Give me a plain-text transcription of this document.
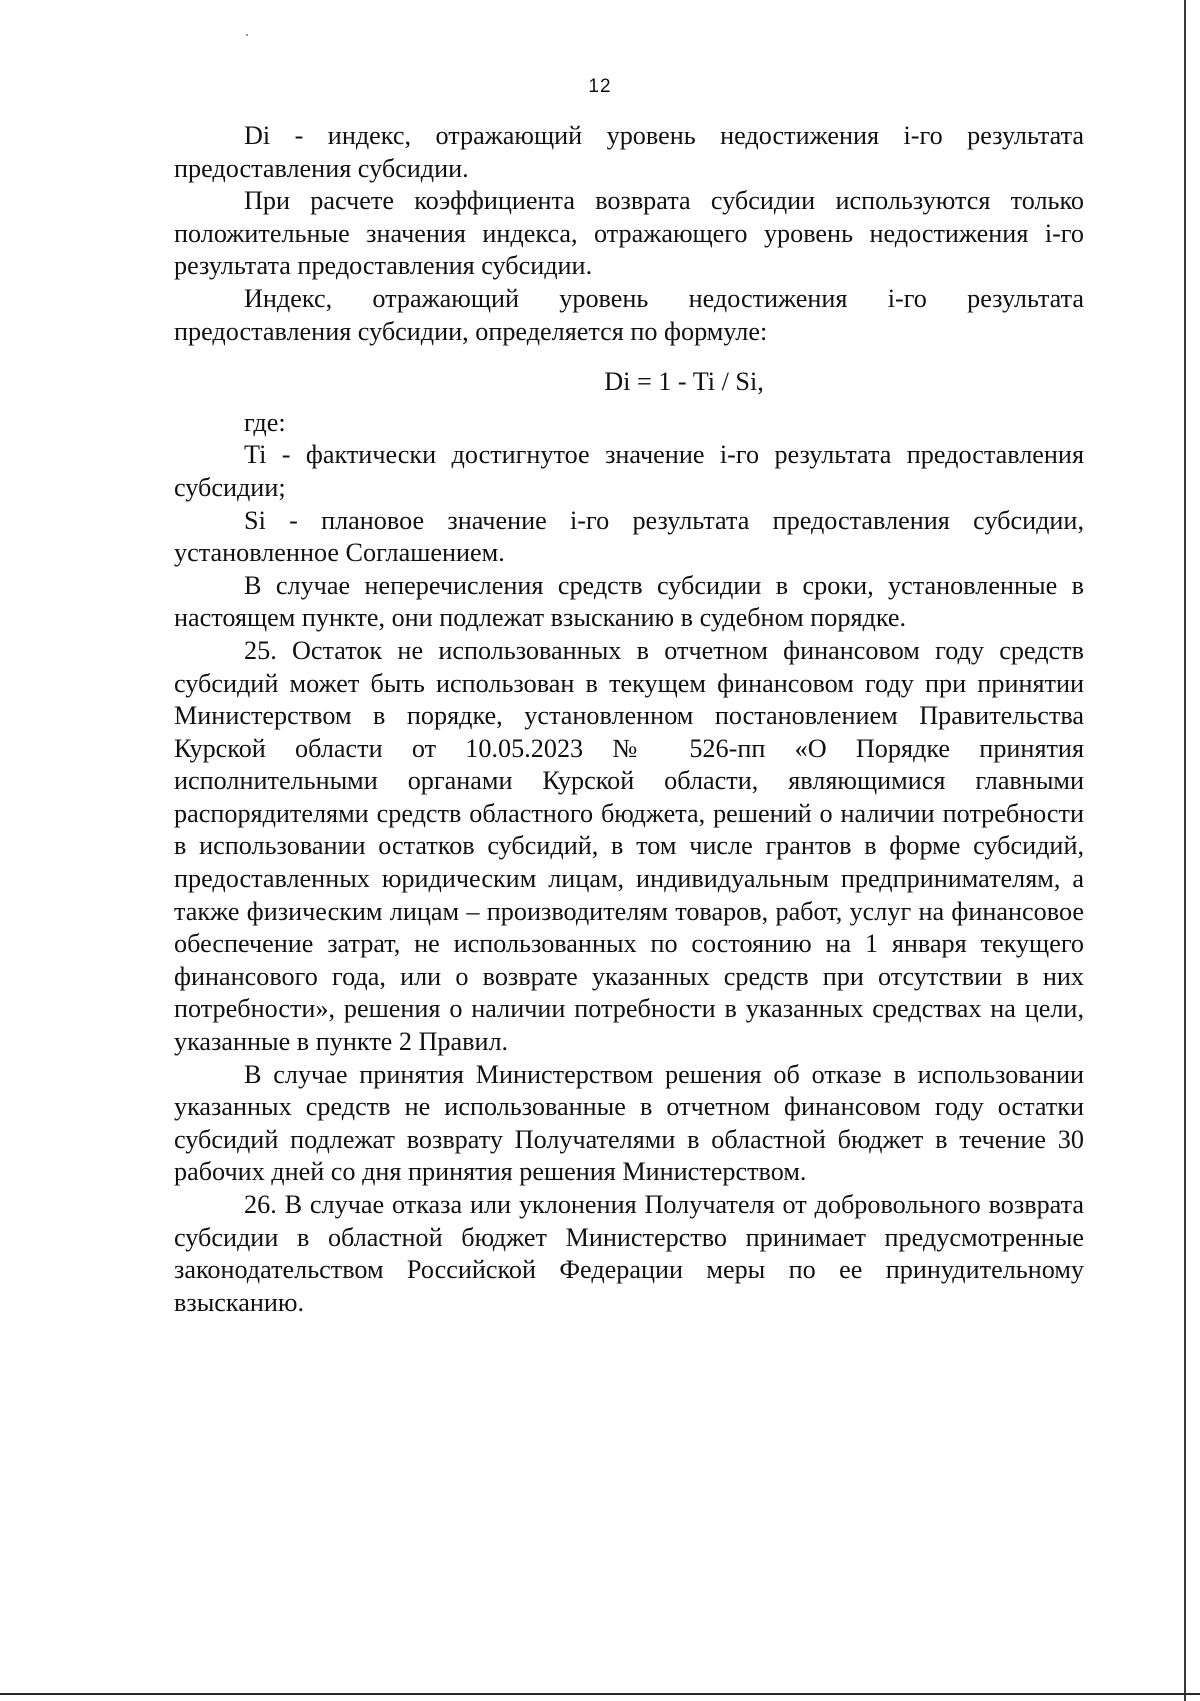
12

Di - индекс, отражающий уровень недостижения i-го результата предоставления субсидии.

При расчете коэффициента возврата субсидии используются только положительные значения индекса, отражающего уровень недостижения i-го результата предоставления субсидии.

Индекс, отражающий уровень недостижения i-го результата предоставления субсидии, определяется по формуле:

Di = 1 - Ti / Si,

где:

Ti - фактически достигнутое значение i-го результата предоставления субсидии;

Si - плановое значение i-го результата предоставления субсидии, установленное Соглашением.

В случае неперечисления средств субсидии в сроки, установленные в настоящем пункте, они подлежат взысканию в судебном порядке.

25. Остаток не использованных в отчетном финансовом году средств субсидий может быть использован в текущем финансовом году при принятии Министерством в порядке, установленном постановлением Правительства Курской области от 10.05.2023 № 526-пп «О Порядке принятия исполнительными органами Курской области, являющимися главными распорядителями средств областного бюджета, решений о наличии потребности в использовании остатков субсидий, в том числе грантов в форме субсидий, предоставленных юридическим лицам, индивидуальным предпринимателям, а также физическим лицам – производителям товаров, работ, услуг на финансовое обеспечение затрат, не использованных по состоянию на 1 января текущего финансового года, или о возврате указанных средств при отсутствии в них потребности», решения о наличии потребности в указанных средствах на цели, указанные в пункте 2 Правил.

В случае принятия Министерством решения об отказе в использовании указанных средств не использованные в отчетном финансовом году остатки субсидий подлежат возврату Получателями в областной бюджет в течение 30 рабочих дней со дня принятия решения Министерством.

26. В случае отказа или уклонения Получателя от добровольного возврата субсидии в областной бюджет Министерство принимает предусмотренные законодательством Российской Федерации меры по ее принудительному взысканию.
